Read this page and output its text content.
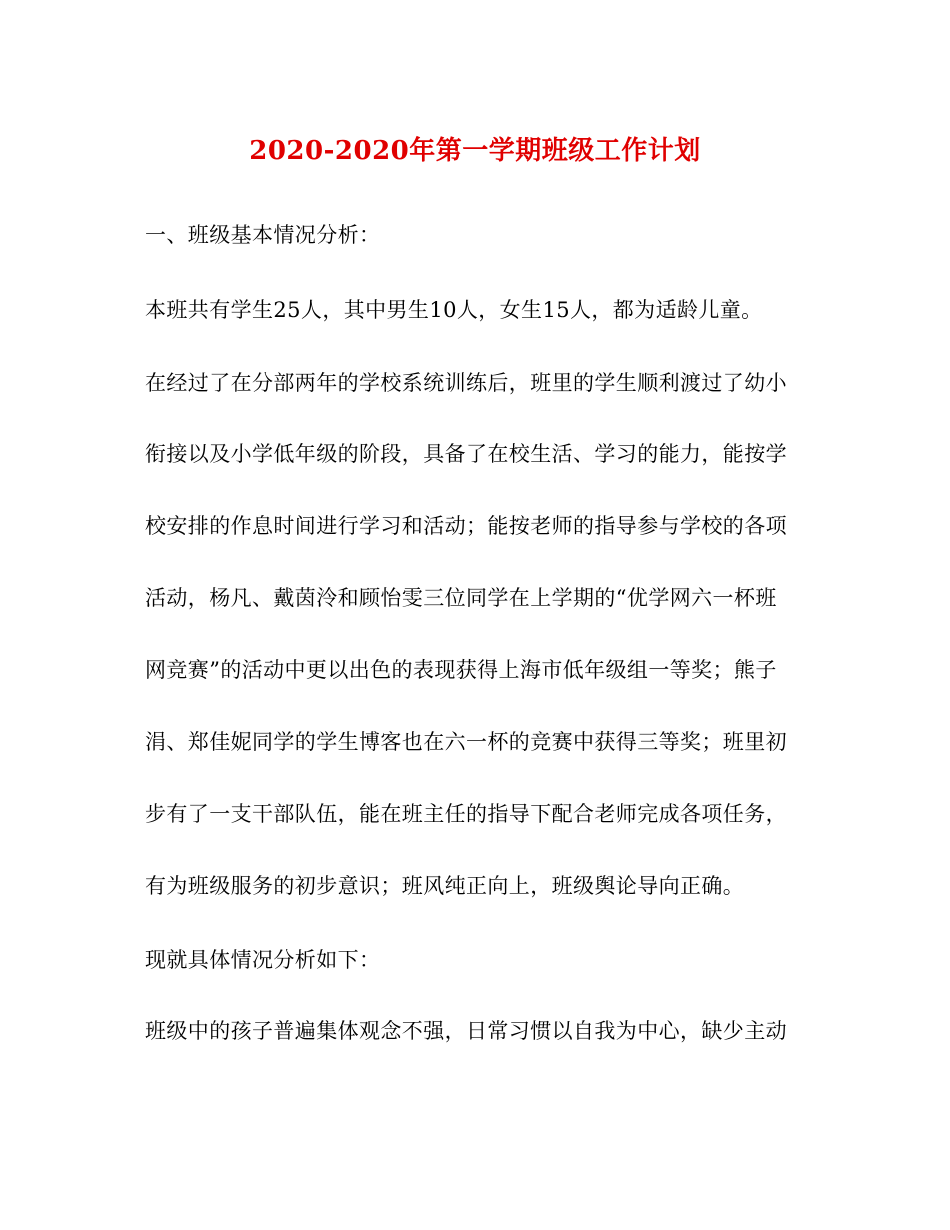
2020-2020年第一学期班级工作计划
一、班级基本情况分析：
本班共有学生25人，其中男生10人，女生15人，都为适龄儿童。
在经过了在分部两年的学校系统训练后，班里的学生顺利渡过了幼小
衔接以及小学低年级的阶段，具备了在校生活、学习的能力，能按学
校安排的作息时间进行学习和活动；能按老师的指导参与学校的各项
活动，杨凡、戴茵泠和顾怡雯三位同学在上学期的“优学网六一杯班
网竞赛”的活动中更以出色的表现获得上海市低年级组一等奖；熊子
涓、郑佳妮同学的学生博客也在六一杯的竞赛中获得三等奖；班里初
步有了一支干部队伍，能在班主任的指导下配合老师完成各项任务，
有为班级服务的初步意识；班风纯正向上，班级舆论导向正确。
现就具体情况分析如下：
班级中的孩子普遍集体观念不强，日常习惯以自我为中心，缺少主动
